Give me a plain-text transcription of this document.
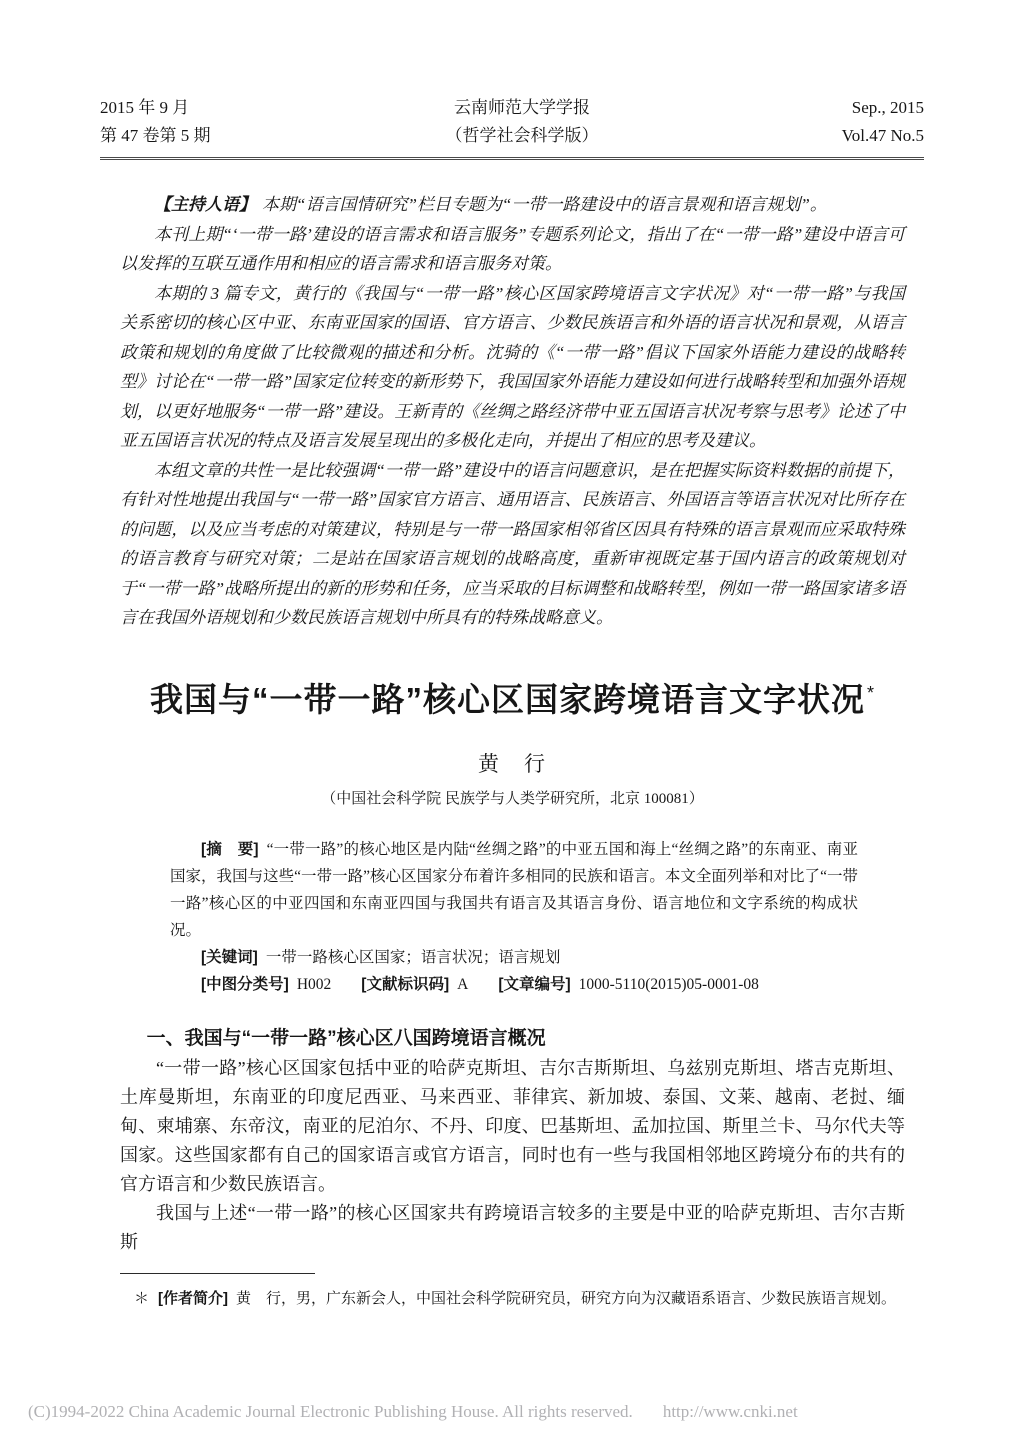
2015 年 9 月
第 47 卷第 5 期
云南师范大学学报
（哲学社会科学版）
Sep., 2015
Vol.47 No.5

【主持人语】 本期“语言国情研究”栏目专题为“一带一路建设中的语言景观和语言规划”。

本刊上期“‘一带一路’建设的语言需求和语言服务”专题系列论文，指出了在“一带一路”建设中语言可以发挥的互联互通作用和相应的语言需求和语言服务对策。

本期的 3 篇专文，黄行的《我国与“一带一路”核心区国家跨境语言文字状况》对“一带一路”与我国关系密切的核心区中亚、东南亚国家的国语、官方语言、少数民族语言和外语的语言状况和景观，从语言政策和规划的角度做了比较微观的描述和分析。沈骑的《“一带一路”倡议下国家外语能力建设的战略转型》讨论在“一带一路”国家定位转变的新形势下，我国国家外语能力建设如何进行战略转型和加强外语规划，以更好地服务“一带一路”建设。王新青的《丝绸之路经济带中亚五国语言状况考察与思考》论述了中亚五国语言状况的特点及语言发展呈现出的多极化走向，并提出了相应的思考及建议。

本组文章的共性一是比较强调“一带一路”建设中的语言问题意识，是在把握实际资料数据的前提下，有针对性地提出我国与“一带一路”国家官方语言、通用语言、民族语言、外国语言等语言状况对比所存在的问题，以及应当考虑的对策建议，特别是与一带一路国家相邻省区因具有特殊的语言景观而应采取特殊的语言教育与研究对策；二是站在国家语言规划的战略高度，重新审视既定基于国内语言的政策规划对于“一带一路”战略所提出的新的形势和任务，应当采取的目标调整和战略转型，例如一带一路国家诸多语言在我国外语规划和少数民族语言规划中所具有的特殊战略意义。

我国与“一带一路”核心区国家跨境语言文字状况 *
黄　行
（中国社会科学院 民族学与人类学研究所，北京 100081）

[摘　要] “一带一路”的核心地区是内陆“丝绸之路”的中亚五国和海上“丝绸之路”的东南亚、南亚国家，我国与这些“一带一路”核心区国家分布着许多相同的民族和语言。本文全面列举和对比了“一带一路”核心区的中亚四国和东南亚四国与我国共有语言及其语言身份、语言地位和文字系统的构成状况。

[关键词] 一带一路核心区国家；语言状况；语言规划

[中图分类号] H002 [文献标识码] A [文章编号] 1000-5110(2015)05-0001-08

一、我国与“一带一路”核心区八国跨境语言概况

“一带一路”核心区国家包括中亚的哈萨克斯坦、吉尔吉斯斯坦、乌兹别克斯坦、塔吉克斯坦、土库曼斯坦，东南亚的印度尼西亚、马来西亚、菲律宾、新加坡、泰国、文莱、越南、老挝、缅甸、柬埔寨、东帝汶，南亚的尼泊尔、不丹、印度、巴基斯坦、孟加拉国、斯里兰卡、马尔代夫等国家。这些国家都有自己的国家语言或官方语言，同时也有一些与我国相邻地区跨境分布的共有的官方语言和少数民族语言。

我国与上述“一带一路”的核心区国家共有跨境语言较多的主要是中亚的哈萨克斯坦、吉尔吉斯斯

＊ [作者简介] 黄　行，男，广东新会人，中国社会科学院研究员，研究方向为汉藏语系语言、少数民族语言规划。

(C)1994-2022 China Academic Journal Electronic Publishing House. All rights reserved. http://www.cnki.net
